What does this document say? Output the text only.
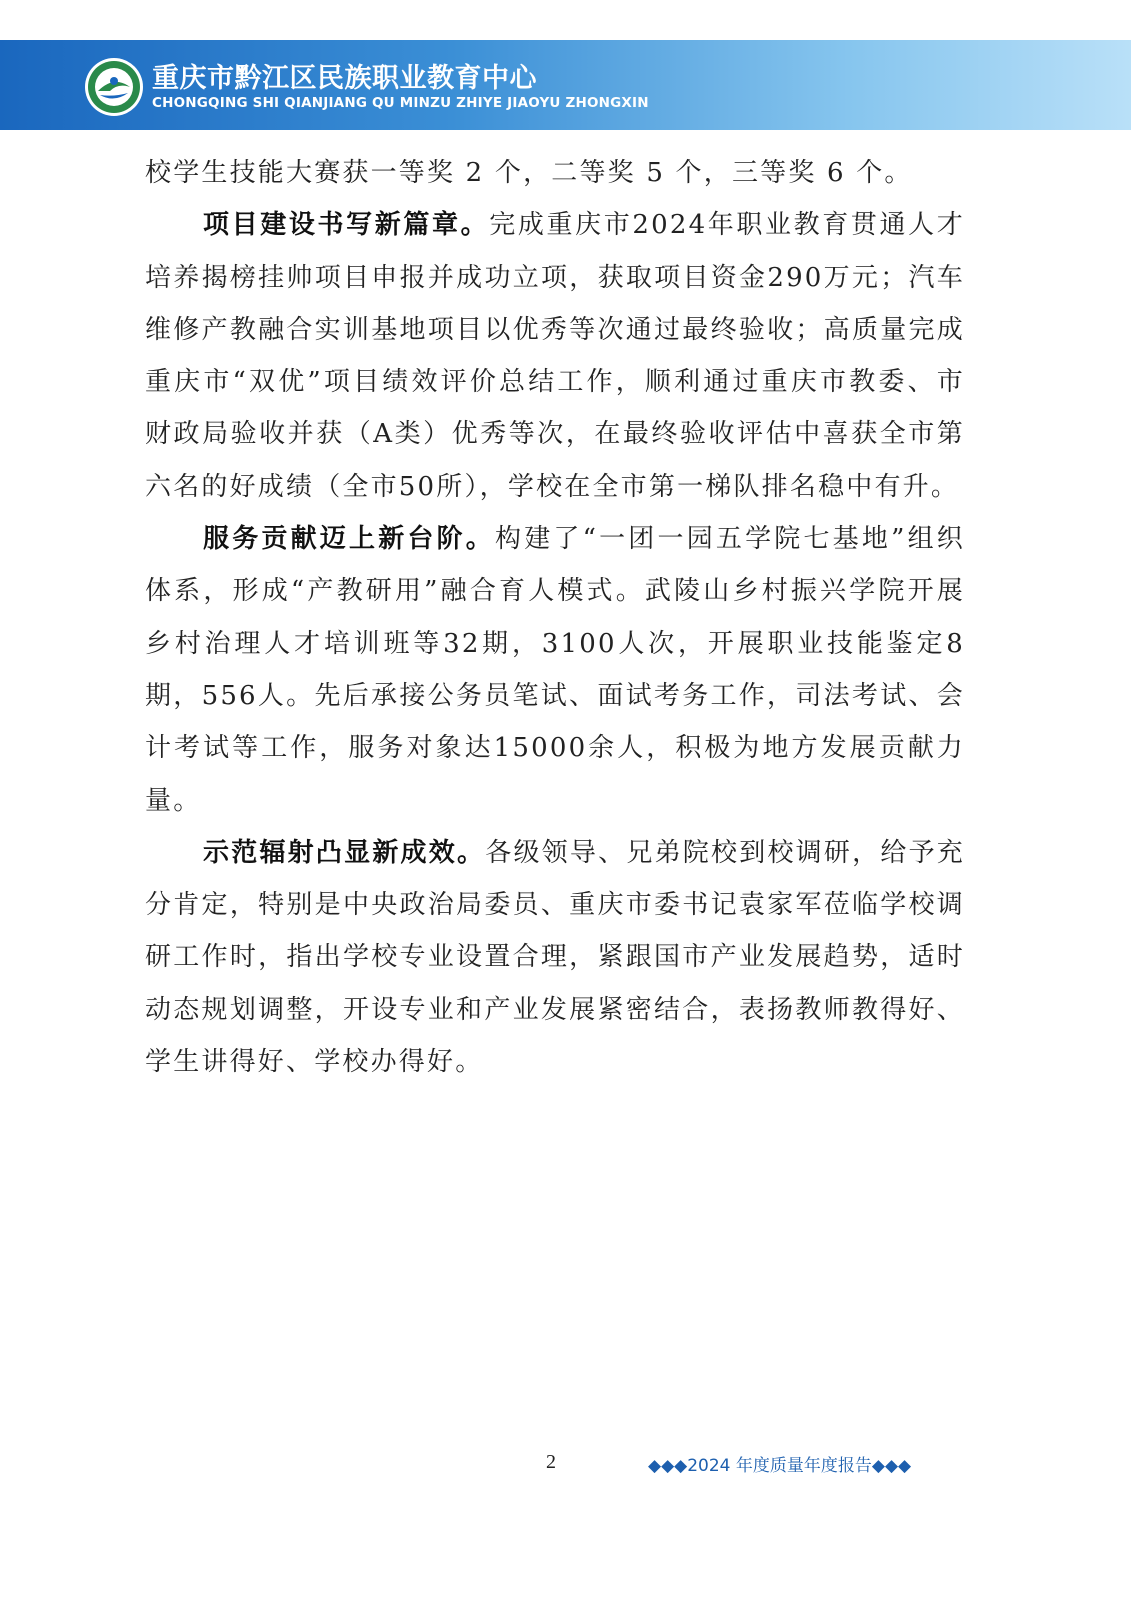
重庆市黔江区民族职业教育中心
CHONGQING SHI QIANJIANG QU MINZU ZHIYE JIAOYU ZHONGXIN

校学生技能大赛获一等奖 2 个，二等奖 5 个，三等奖 6 个。

项目建设书写新篇章。完成重庆市2024年职业教育贯通人才培养揭榜挂帅项目申报并成功立项，获取项目资金290万元；汽车维修产教融合实训基地项目以优秀等次通过最终验收；高质量完成重庆市“双优”项目绩效评价总结工作，顺利通过重庆市教委、市财政局验收并获（A类）优秀等次，在最终验收评估中喜获全市第六名的好成绩（全市50所），学校在全市第一梯队排名稳中有升。

服务贡献迈上新台阶。构建了“一团一园五学院七基地”组织体系，形成“产教研用”融合育人模式。武陵山乡村振兴学院开展乡村治理人才培训班等32期，3100人次，开展职业技能鉴定8期，556人。先后承接公务员笔试、面试考务工作，司法考试、会计考试等工作，服务对象达15000余人，积极为地方发展贡献力量。

示范辐射凸显新成效。各级领导、兄弟院校到校调研，给予充分肯定，特别是中央政治局委员、重庆市委书记袁家军莅临学校调研工作时，指出学校专业设置合理，紧跟国市产业发展趋势，适时动态规划调整，开设专业和产业发展紧密结合，表扬教师教得好、学生讲得好、学校办得好。

2	◆◆◆2024 年度质量年度报告◆◆◆
